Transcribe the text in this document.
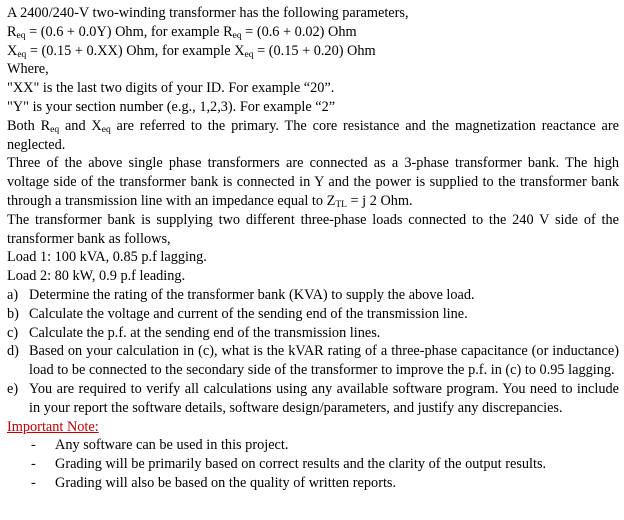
A 2400/240-V two-winding transformer has the following parameters,
$R_{eq} = (0.6 + 0.0Y)$ Ohm, for example $R_{eq} = (0.6 + 0.02)$ Ohm
$X_{eq} = (0.15 + 0.XX)$ Ohm, for example $X_{eq} = (0.15 + 0.20)$ Ohm
Where,
"XX" is the last two digits of your ID. For example “20”.
"Y" is your section number (e.g., 1,2,3). For example “2”
Both $R_{eq}$ and $X_{eq}$ are referred to the primary. The core resistance and the magnetization reactance are neglected.
Three of the above single phase transformers are connected as a 3-phase transformer bank. The high voltage side of the transformer bank is connected in Y and the power is supplied to the transformer bank through a transmission line with an impedance equal to $Z_{TL} = j$ 2 Ohm.
The transformer bank is supplying two different three-phase loads connected to the 240 V side of the transformer bank as follows,
Load 1: 100 kVA, 0.85 p.f lagging.
Load 2: 80 kW, 0.9 p.f leading.
a) Determine the rating of the transformer bank (KVA) to supply the above load.
b) Calculate the voltage and current of the sending end of the transmission line.
c) Calculate the p.f. at the sending end of the transmission lines.
d) Based on your calculation in (c), what is the kVAR rating of a three-phase capacitance (or inductance) load to be connected to the secondary side of the transformer to improve the p.f. in (c) to 0.95 lagging.
e) You are required to verify all calculations using any available software program. You need to include in your report the software details, software design/parameters, and justify any discrepancies.
Important Note:
-	Any software can be used in this project.
-	Grading will be primarily based on correct results and the clarity of the output results.
-	Grading will also be based on the quality of written reports.
